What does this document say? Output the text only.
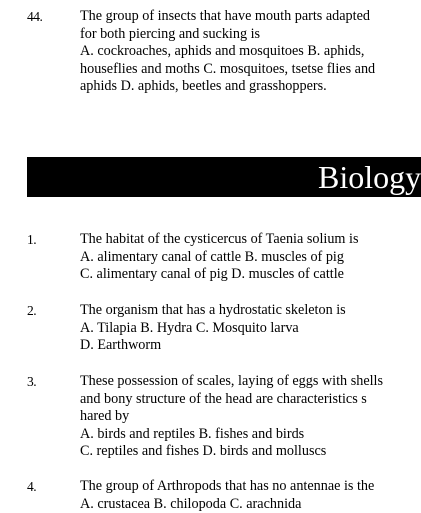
44.	The group of insects that have mouth parts adapted
for both piercing and sucking is
A. cockroaches, aphids and mosquitoes B. aphids,
houseflies and moths C. mosquitoes, tsetse flies and
aphids D. aphids, beetles and grasshoppers.
Biology
1.	The habitat of the cysticercus of Taenia solium is
A. alimentary canal of cattle B. muscles of pig
C. alimentary canal of pig D. muscles of cattle
2.	The organism that has a hydrostatic skeleton is
A. Tilapia B. Hydra C. Mosquito larva
D. Earthworm
3.	These possession of scales, laying of eggs with shells
and bony structure of the head are characteristics s
hared by
A. birds and reptiles B. fishes and birds
C. reptiles and fishes D. birds and molluscs
4.	The group of Arthropods that has no antennae is the
A. crustacea B. chilopoda C. arachnida
